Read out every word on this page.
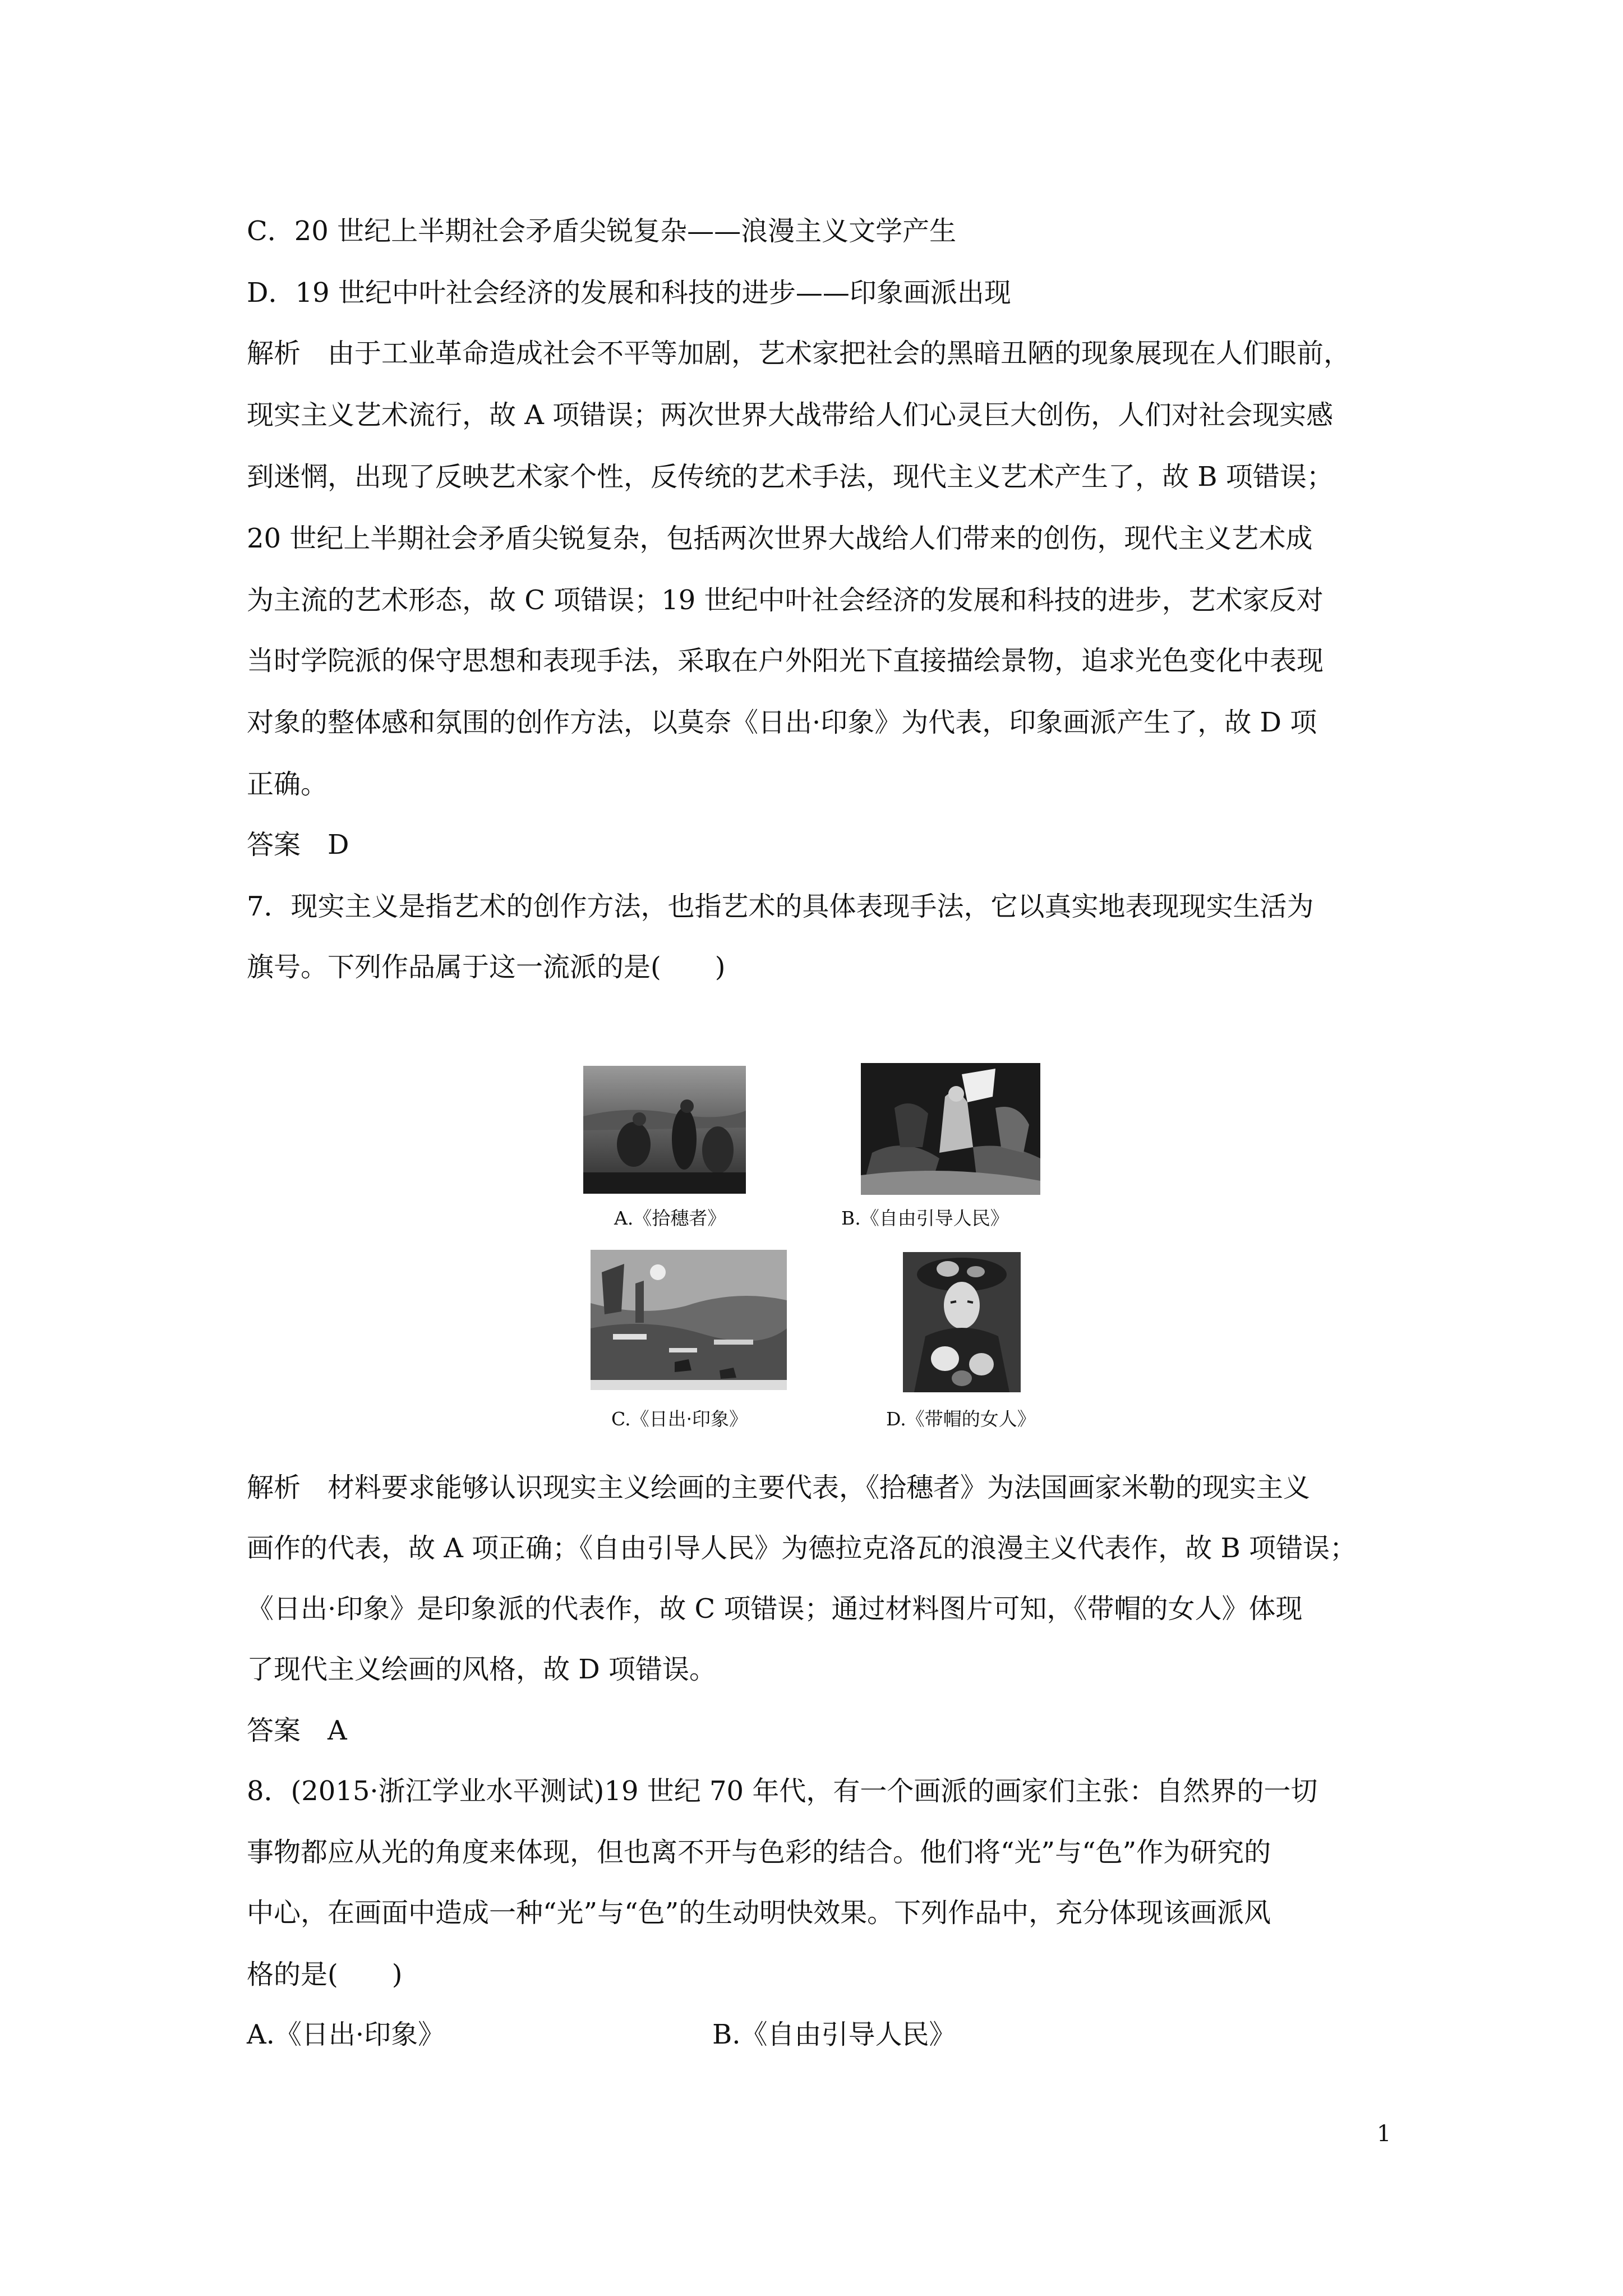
C．20 世纪上半期社会矛盾尖锐复杂——浪漫主义文学产生
D．19 世纪中叶社会经济的发展和科技的进步——印象画派出现
解析　由于工业革命造成社会不平等加剧，艺术家把社会的黑暗丑陋的现象展现在人们眼前，
现实主义艺术流行，故 A 项错误；两次世界大战带给人们心灵巨大创伤，人们对社会现实感
到迷惘，出现了反映艺术家个性，反传统的艺术手法，现代主义艺术产生了，故 B 项错误；
20 世纪上半期社会矛盾尖锐复杂，包括两次世界大战给人们带来的创伤，现代主义艺术成
为主流的艺术形态，故 C 项错误；19 世纪中叶社会经济的发展和科技的进步，艺术家反对
当时学院派的保守思想和表现手法，采取在户外阳光下直接描绘景物，追求光色变化中表现
对象的整体感和氛围的创作方法，以莫奈《日出·印象》为代表，印象画派产生了，故 D 项
正确。
答案　D
7．现实主义是指艺术的创作方法，也指艺术的具体表现手法，它以真实地表现现实生活为
旗号。下列作品属于这一流派的是(　　)
A.《拾穗者》	B.《自由引导人民》
C.《日出·印象》	D.《带帽的女人》
解析　材料要求能够认识现实主义绘画的主要代表，《拾穗者》为法国画家米勒的现实主义
画作的代表，故 A 项正确；《自由引导人民》为德拉克洛瓦的浪漫主义代表作，故 B 项错误；
《日出·印象》是印象派的代表作，故 C 项错误；通过材料图片可知，《带帽的女人》体现
了现代主义绘画的风格，故 D 项错误。
答案　A
8．(2015·浙江学业水平测试)19 世纪 70 年代，有一个画派的画家们主张：自然界的一切
事物都应从光的角度来体现，但也离不开与色彩的结合。他们将“光”与“色”作为研究的
中心，在画面中造成一种“光”与“色”的生动明快效果。下列作品中，充分体现该画派风
格的是(　　)
A.《日出·印象》	B.《自由引导人民》
1
